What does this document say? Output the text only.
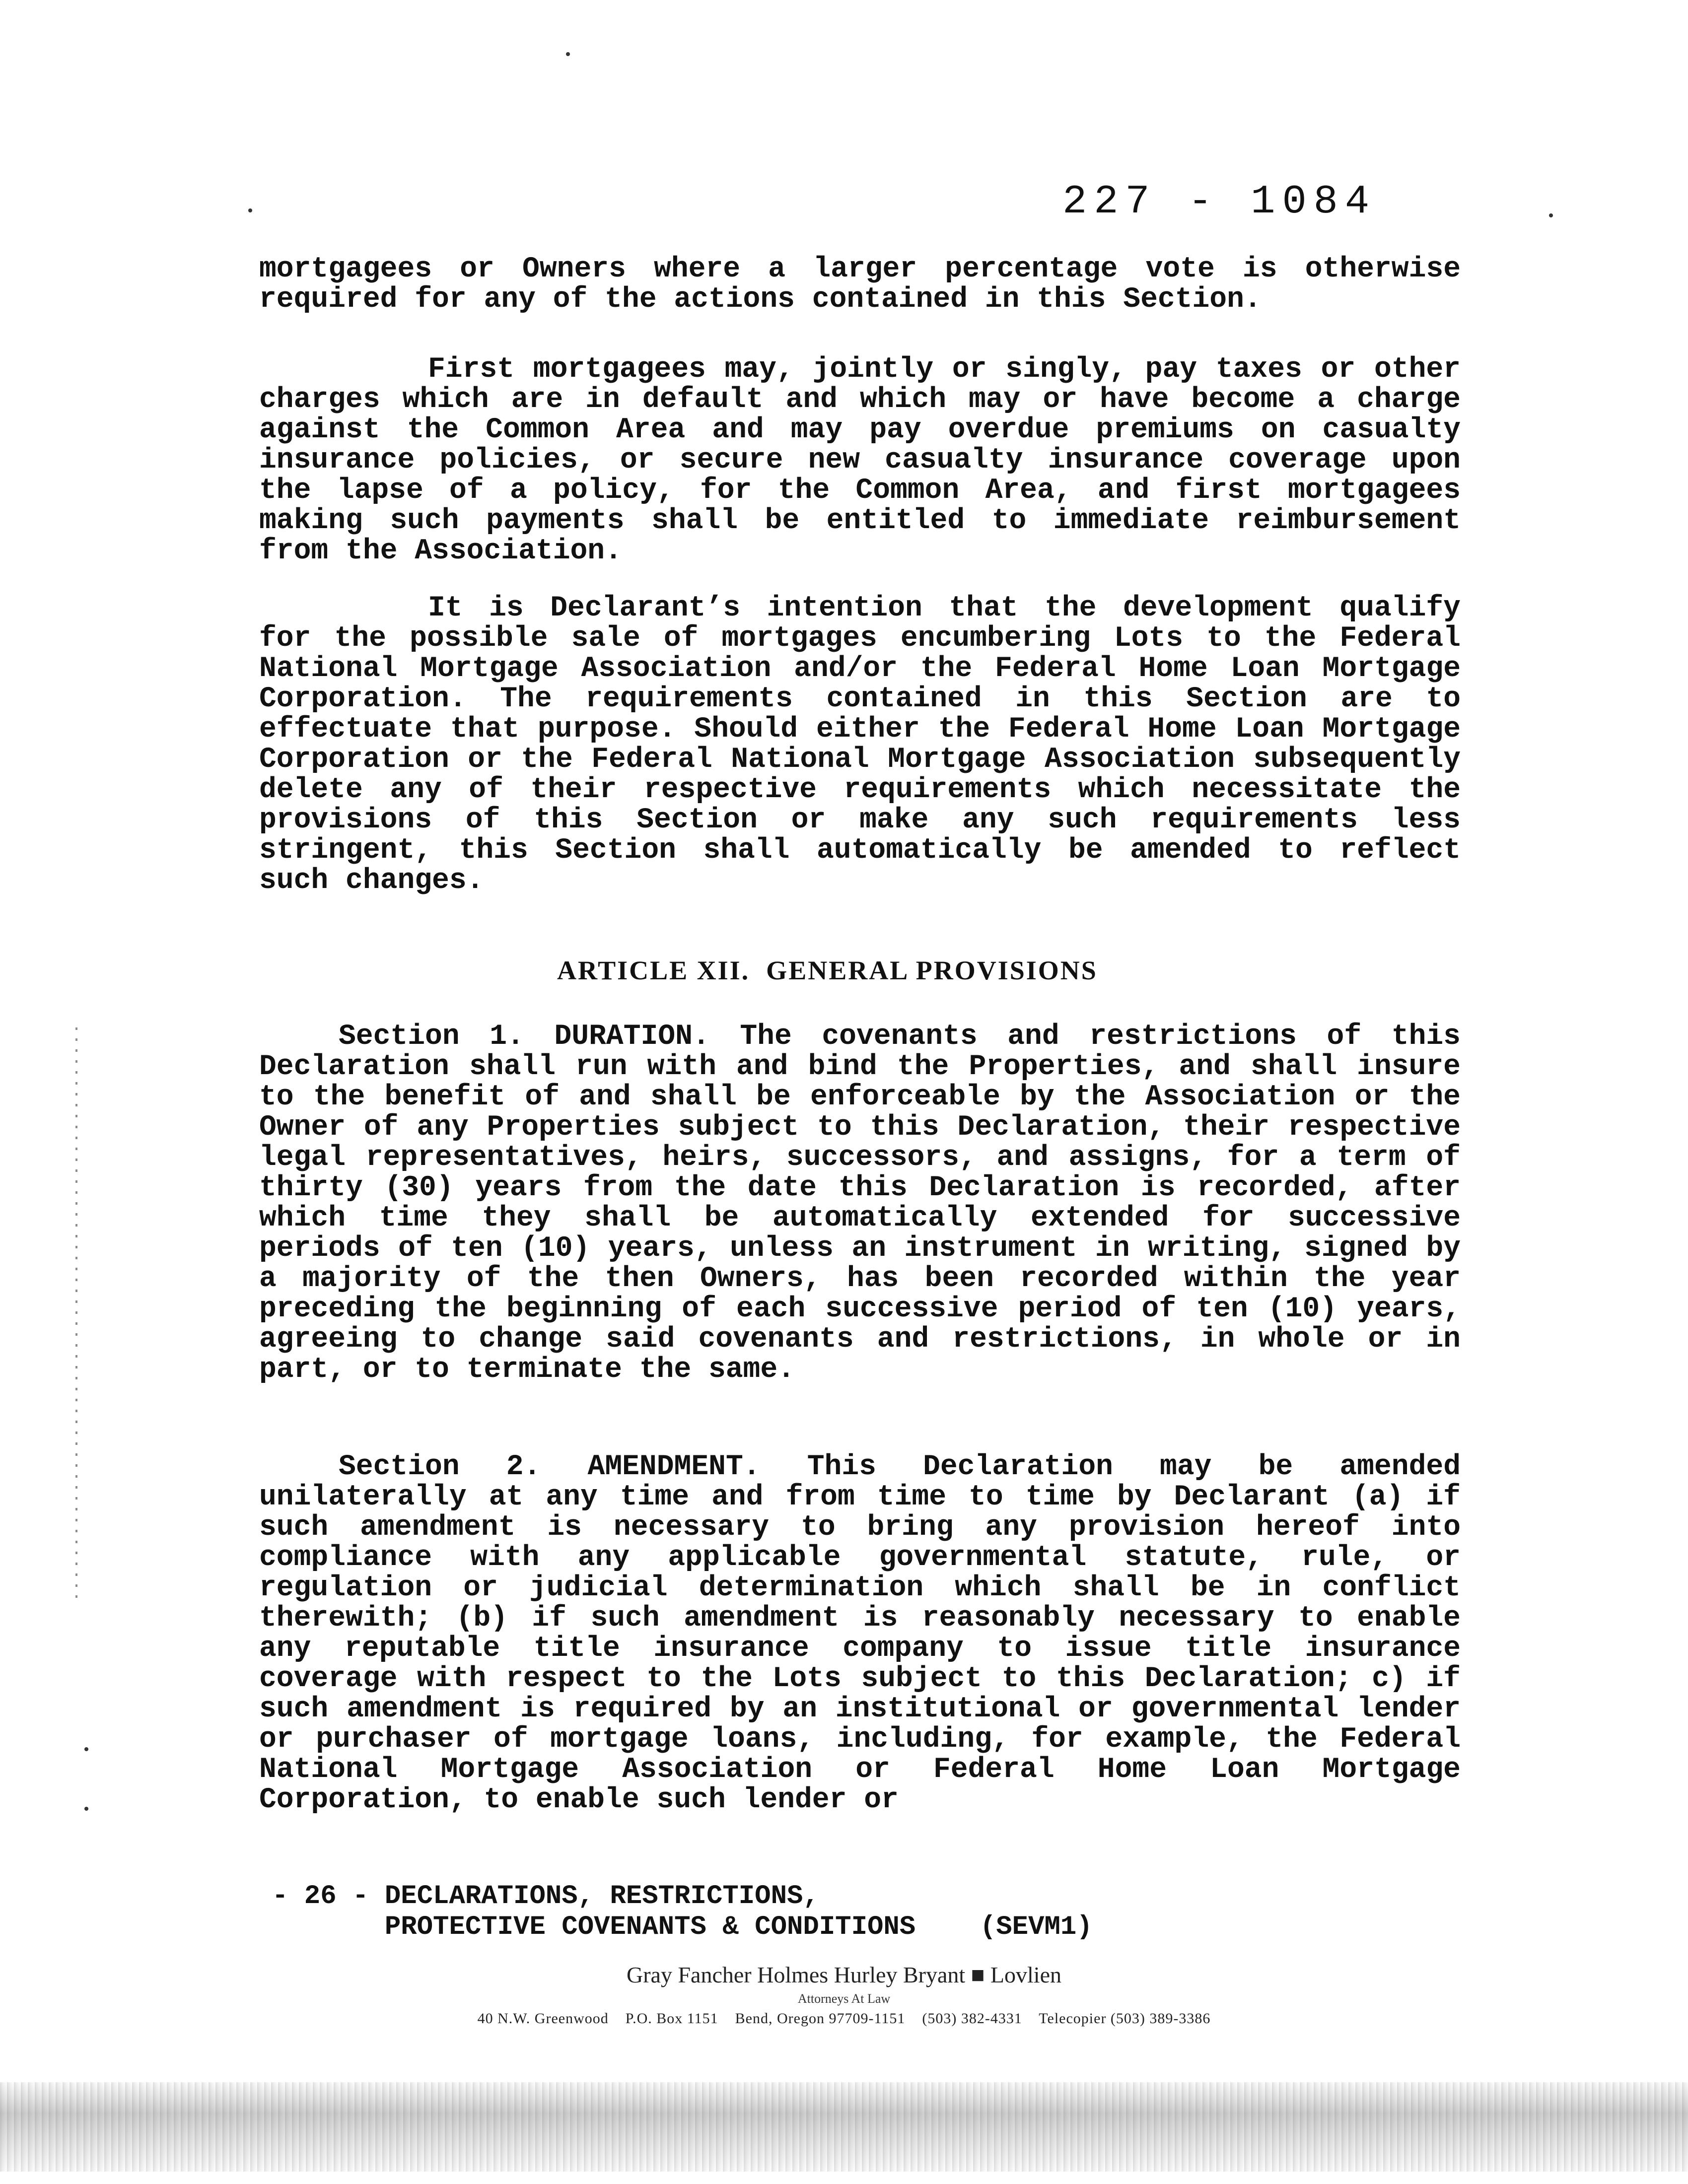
227 - 1084

mortgagees or Owners where a larger percentage vote is otherwise required for any of the actions contained in this Section.

First mortgagees may, jointly or singly, pay taxes or other charges which are in default and which may or have become a charge against the Common Area and may pay overdue premiums on casualty insurance policies, or secure new casualty insurance coverage upon the lapse of a policy, for the Common Area, and first mortgagees making such payments shall be entitled to immediate reimbursement from the Association.

It is Declarant’s intention that the development qualify for the possible sale of mortgages encumbering Lots to the Federal National Mortgage Association and/or the Federal Home Loan Mortgage Corporation. The requirements contained in this Section are to effectuate that purpose. Should either the Federal Home Loan Mortgage Corporation or the Federal National Mortgage Association subsequently delete any of their respective requirements which necessitate the provisions of this Section or make any such requirements less stringent, this Section shall automatically be amended to reflect such changes.

ARTICLE XII.  GENERAL PROVISIONS

Section 1. DURATION. The covenants and restrictions of this Declaration shall run with and bind the Properties, and shall insure to the benefit of and shall be enforceable by the Association or the Owner of any Properties subject to this Declaration, their respective legal representatives, heirs, successors, and assigns, for a term of thirty (30) years from the date this Declaration is recorded, after which time they shall be automatically extended for successive periods of ten (10) years, unless an instrument in writing, signed by a majority of the then Owners, has been recorded within the year preceding the beginning of each successive period of ten (10) years, agreeing to change said covenants and restrictions, in whole or in part, or to terminate the same.

Section 2. AMENDMENT. This Declaration may be amended unilaterally at any time and from time to time by Declarant (a) if such amendment is necessary to bring any provision hereof into compliance with any applicable governmental statute, rule, or regulation or judicial determination which shall be in conflict therewith; (b) if such amendment is reasonably necessary to enable any reputable title insurance company to issue title insurance coverage with respect to the Lots subject to this Declaration; c) if such amendment is required by an institutional or governmental lender or purchaser of mortgage loans, including, for example, the Federal National Mortgage Association or Federal Home Loan Mortgage Corporation, to enable such lender or

- 26 - DECLARATIONS, RESTRICTIONS,
PROTECTIVE COVENANTS & CONDITIONS    (SEVM1)
Gray Fancher Holmes Hurley Bryant ■ Lovlien
Attorneys At Law
40 N.W. Greenwood    P.O. Box 1151    Bend, Oregon 97709-1151    (503) 382-4331    Telecopier (503) 389-3386
